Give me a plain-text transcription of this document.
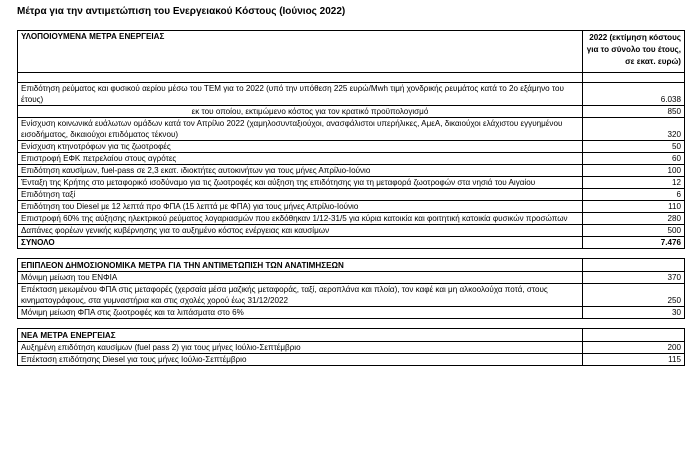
Μέτρα για την αντιμετώπιση του Ενεργειακού Κόστους (Ιούνιος 2022)
ΥΛΟΠΟΙΟΥΜΕΝΑ ΜΕΤΡΑ ΕΝΕΡΓΕΙΑΣ	2022 (εκτίμηση κόστους
για το σύνολο του έτους,
σε εκατ. ευρώ)

Επιδότηση ρεύματος και φυσικού αερίου μέσω του ΤΕΜ για το 2022 (υπό την υπόθεση 225 ευρώ/Mwh τιμή χονδρικής ρευμάτος κατά το 2ο εξάμηνο του έτους)	6.038
εκ του οποίου, εκτιμώμενο κόστος για τον κρατικό προϋπολογισμό	850
Ενίσχυση κοινωνικά ευάλωτων ομάδων κατά τον Απρίλιο 2022 (χαμηλοσυνταξιούχοι, ανασφάλιστοι υπερήλικες, ΑμεΑ, δικαιούχοι ελάχιστου εγγυημένου εισοδήματος, δικαιούχοι επιδόματος τέκνου)	320
Ενίσχυση κτηνοτρόφων για τις ζωοτροφές	50
Επιστροφή ΕΦΚ πετρελαίου στους αγρότες	60
Επιδότηση καυσίμων, fuel-pass σε 2,3 εκατ. ιδιοκτήτες αυτοκινήτων για τους μήνες Απρίλιο-Ιούνιο	100
Ένταξη της Κρήτης στο μεταφορικό ισοδύναμο για τις ζωοτροφές και αύξηση της επιδότησης για τη μεταφορά ζωοτροφών στα νησιά του Αιγαίου	12
Επιδότηση ταξί	6
Επιδότηση του Diesel με 12 λεπτά προ ΦΠΑ (15 λεπτά με ΦΠΑ) για τους μήνες Απρίλιο-Ιούνιο	110
Επιστροφή 60% της αύξησης ηλεκτρικού ρεύματος λογαριασμών που εκδόθηκαν 1/12-31/5 για κύρια κατοικία και φοιτητική κατοικία φυσικών προσώπων	280
Δαπάνες φορέων γενικής κυβέρνησης για το αυξημένο κόστος ενέργειας και καυσίμων	500
ΣΥΝΟΛΟ	7.476

ΕΠΙΠΛΕΟΝ ΔΗΜΟΣΙΟΝΟΜΙΚΑ ΜΕΤΡΑ ΓΙΑ ΤΗΝ ΑΝΤΙΜΕΤΩΠΙΣΗ ΤΩΝ ΑΝΑΤΙΜΗΣΕΩΝ	
Μόνιμη μείωση του ΕΝΦΙΑ	370
Επέκταση μειωμένου ΦΠΑ στις μεταφορές (χερσαία μέσα μαζικής μεταφοράς, ταξί, αεροπλάνα και πλοία), τον καφέ και μη αλκοολούχα ποτά, στους κινηματογράφους, στα γυμναστήρια και στις σχολές χορού έως 31/12/2022	250
Μόνιμη μείωση ΦΠΑ στις ζωοτροφές και τα λιπάσματα στο 6%	30

ΝΕΑ ΜΕΤΡΑ ΕΝΕΡΓΕΙΑΣ	
Αυξημένη επιδότηση καυσίμων (fuel pass 2) για τους μήνες Ιούλιο-Σεπτέμβριο	200
Επέκταση επιδότησης Diesel για τους μήνες Ιούλιο-Σεπτέμβριο	115
